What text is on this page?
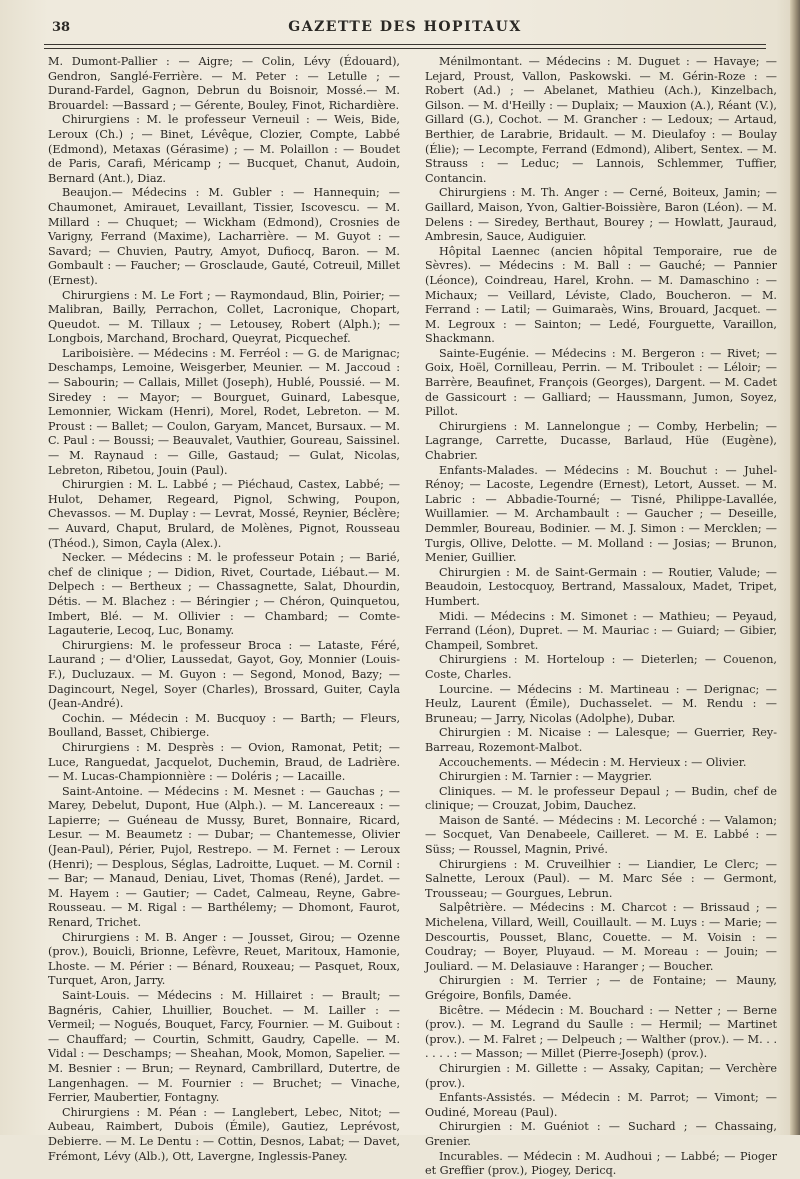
38	GAZETTE DES HOPITAUX

M. Dumont-Pallier : — Aigre; — Colin, Lévy (Édouard), Gendron, Sanglé-Ferrière. — M. Peter : — Letulle ; — Durand-Fardel, Gagnon, Debrun du Boisnoir, Mossé.— M. Brouardel: —Bassard ; — Gérente, Bouley, Finot, Richardière.

Chirurgiens : M. le professeur Verneuil : — Weis, Bide, Leroux (Ch.) ; — Binet, Lévêque, Clozier, Compte, Labbé (Edmond), Metaxas (Gérasime) ; — M. Polaillon : — Boudet de Paris, Carafi, Méricamp ; — Bucquet, Chanut, Audoin, Bernard (Ant.), Diaz.

Beaujon.— Médecins : M. Gubler : — Hannequin; — Chaumonet, Amirauet, Levaillant, Tissier, Iscovescu. — M. Millard : — Chuquet; — Wickham (Edmond), Crosnies de Varigny, Ferrand (Maxime), Lacharrière. — M. Guyot : — Savard; — Chuvien, Pautry, Amyot, Dufiocq, Baron. — M. Gombault : — Faucher; — Grosclaude, Gauté, Cotreuil, Millet (Ernest).

Chirurgiens : M. Le Fort ; — Raymondaud, Blin, Poirier; — Malibran, Bailly, Perrachon, Collet, Lacronique, Chopart, Queudot. — M. Tillaux ; — Letousey, Robert (Alph.); — Longbois, Marchand, Brochard, Queyrat, Picquechef.

Lariboisière. — Médecins : M. Ferréol : — G. de Marignac; Deschamps, Lemoine, Weisgerber, Meunier. — M. Jaccoud : — Sabourin; — Callais, Millet (Joseph), Hublé, Poussié. — M. Siredey : — Mayor; — Bourguet, Guinard, Labesque, Lemonnier, Wickam (Henri), Morel, Rodet, Lebreton. — M. Proust : — Ballet; — Coulon, Garyam, Mancet, Bursaux. — M. C. Paul : — Boussi; — Beauvalet, Vauthier, Goureau, Saissinel. — M. Raynaud : — Gille, Gastaud; — Gulat, Nicolas, Lebreton, Ribetou, Jouin (Paul).

Chirurgien : M. L. Labbé ; — Piéchaud, Castex, Labbé; — Hulot, Dehamer, Regeard, Pignol, Schwing, Poupon, Chevassos. — M. Duplay : — Levrat, Mossé, Reynier, Béclère; — Auvard, Chaput, Brulard, de Molènes, Pignot, Rousseau (Théod.), Simon, Cayla (Alex.).

Necker. — Médecins : M. le professeur Potain ; — Barié, chef de clinique ; — Didion, Rivet, Courtade, Liébaut.— M. Delpech : — Bertheux ; — Chassagnette, Salat, Dhourdin, Détis. — M. Blachez : — Béringier ; — Chéron, Quinquetou, Imbert, Blé. — M. Ollivier : — Chambard; — Comte-Lagauterie, Lecoq, Luc, Bonamy.

Chirurgiens: M. le professeur Broca : — Lataste, Féré, Laurand ; — d'Olier, Laussedat, Gayot, Goy, Monnier (Louis-F.), Ducluzaux. — M. Guyon : — Segond, Monod, Bazy; — Dagincourt, Negel, Soyer (Charles), Brossard, Guiter, Cayla (Jean-André).

Cochin. — Médecin : M. Bucquoy : — Barth; — Fleurs, Boulland, Basset, Chibierge.

Chirurgiens : M. Desprès : — Ovion, Ramonat, Petit; — Luce, Ranguedat, Jacquelot, Duchemin, Braud, de Ladrière. — M. Lucas-Championnière : — Doléris ; — Lacaille.

Saint-Antoine. — Médecins : M. Mesnet : — Gauchas ; — Marey, Debelut, Dupont, Hue (Alph.). — M. Lancereaux : — Lapierre; — Guéneau de Mussy, Buret, Bonnaire, Ricard, Lesur. — M. Beaumetz : — Dubar; — Chantemesse, Olivier (Jean-Paul), Périer, Pujol, Restrepo. — M. Fernet : — Leroux (Henri); — Desplous, Séglas, Ladroitte, Luquet. — M. Cornil : — Bar; — Manaud, Deniau, Livet, Thomas (René), Jardet. — M. Hayem : — Gautier; — Cadet, Calmeau, Reyne, Gabre-Rousseau. — M. Rigal : — Barthélemy; — Dhomont, Faurot, Renard, Trichet.

Chirurgiens : M. B. Anger : — Jousset, Girou; — Ozenne (prov.), Bouicli, Brionne, Lefèvre, Reuet, Maritoux, Hamonie, Lhoste. — M. Périer : — Bénard, Rouxeau; — Pasquet, Roux, Turquet, Aron, Jarry.

Saint-Louis. — Médecins : M. Hillairet : — Brault; — Bagnéris, Cahier, Lhuillier, Bouchet. — M. Lailler : — Vermeil; — Nogués, Bouquet, Farcy, Fournier. — M. Guibout : — Chauffard; — Courtin, Schmitt, Gaudry, Capelle. — M. Vidal : — Deschamps; — Sheahan, Mook, Momon, Sapelier. — M. Besnier : — Brun; — Reynard, Cambrillard, Dutertre, de Langenhagen. — M. Fournier : — Bruchet; — Vinache, Ferrier, Maubertier, Fontagny.

Chirurgiens : M. Péan : — Langlebert, Lebec, Nitot; — Aubeau, Raimbert, Dubois (Émile), Gautiez, Leprévost, Debierre. — M. Le Dentu : — Cottin, Desnos, Labat; — Davet, Frémont, Lévy (Alb.), Ott, Lavergne, Inglessis-Paney.

Ménilmontant. — Médecins : M. Duguet : — Havaye; — Lejard, Proust, Vallon, Paskowski. — M. Gérin-Roze : — Robert (Ad.) ; — Abelanet, Mathieu (Ach.), Kinzelbach, Gilson. — M. d'Heilly : — Duplaix; — Mauxion (A.), Réant (V.), Gillard (G.), Cochot. — M. Grancher : — Ledoux; — Artaud, Berthier, de Larabrie, Bridault. — M. Dieulafoy : — Boulay (Élie); — Lecompte, Ferrand (Edmond), Alibert, Sentex. — M. Strauss : — Leduc; — Lannois, Schlemmer, Tuffier, Contancin.

Chirurgiens : M. Th. Anger : — Cerné, Boiteux, Jamin; — Gaillard, Maison, Yvon, Galtier-Boissière, Baron (Léon). — M. Delens : — Siredey, Berthaut, Bourey ; — Howlatt, Jauraud, Ambresin, Sauce, Audiguier.

Hôpital Laennec (ancien hôpital Temporaire, rue de Sèvres). — Médecins : M. Ball : — Gauché; — Pannier (Léonce), Coindreau, Harel, Krohn. — M. Damaschino : — Michaux; — Veillard, Léviste, Clado, Boucheron. — M. Ferrand : — Latil; — Guimaraès, Wins, Brouard, Jacquet. — M. Legroux : — Sainton; — Ledé, Fourguette, Varaillon, Shackmann.

Sainte-Eugénie. — Médecins : M. Bergeron : — Rivet; — Goix, Hoël, Cornilleau, Perrin. — M. Triboulet : — Léloir; — Barrère, Beaufinet, François (Georges), Dargent. — M. Cadet de Gassicourt : — Galliard; — Haussmann, Jumon, Soyez, Pillot.

Chirurgiens : M. Lannelongue ; — Comby, Herbelin; — Lagrange, Carrette, Ducasse, Barlaud, Hüe (Eugène), Chabrier.

Enfants-Malades. — Médecins : M. Bouchut : — Juhel-Rénoy; — Lacoste, Legendre (Ernest), Letort, Ausset. — M. Labric : — Abbadie-Tourné; — Tisné, Philippe-Lavallée, Wuillamier. — M. Archambault : — Gaucher ; — Deseille, Demmler, Boureau, Bodinier. — M. J. Simon : — Mercklen; — Turgis, Ollive, Delotte. — M. Molland : — Josias; — Brunon, Menier, Guillier.

Chirurgien : M. de Saint-Germain : — Routier, Valude; — Beaudoin, Lestocquoy, Bertrand, Massaloux, Madet, Tripet, Humbert.

Midi. — Médecins : M. Simonet : — Mathieu; — Peyaud, Ferrand (Léon), Dupret. — M. Mauriac : — Guiard; — Gibier, Champeil, Sombret.

Chirurgiens : M. Horteloup : — Dieterlen; — Couenon, Coste, Charles.

Lourcine. — Médecins : M. Martineau : — Derignac; — Heulz, Laurent (Émile), Duchasselet. — M. Rendu : — Bruneau; — Jarry, Nicolas (Adolphe), Dubar.

Chirurgien : M. Nicaise : — Lalesque; — Guerrier, Rey-Barreau, Rozemont-Malbot.

Accouchements. — Médecin : M. Hervieux : — Olivier.

Chirurgien : M. Tarnier : — Maygrier.

Cliniques. — M. le professeur Depaul ; — Budin, chef de clinique; — Crouzat, Jobim, Dauchez.

Maison de Santé. — Médecins : M. Lecorché : — Valamon; — Socquet, Van Denabeele, Cailleret. — M. E. Labbé : — Süss; — Roussel, Magnin, Privé.

Chirurgiens : M. Cruveilhier : — Liandier, Le Clerc; — Salnette, Leroux (Paul). — M. Marc Sée : — Germont, Trousseau; — Gourgues, Lebrun.

Salpêtrière. — Médecins : M. Charcot : — Brissaud ; — Michelena, Villard, Weill, Couillault. — M. Luys : — Marie; — Descourtis, Pousset, Blanc, Couette. — M. Voisin : — Coudray; — Boyer, Pluyaud. — M. Moreau : — Jouin; — Jouliard. — M. Delasiauve : Haranger ; — Boucher.

Chirurgien : M. Terrier ; — de Fontaine; — Mauny, Grégoire, Bonfils, Damée.

Bicêtre. — Médecin : M. Bouchard : — Netter ; — Berne (prov.). — M. Legrand du Saulle : — Hermil; — Martinet (prov.). — M. Falret ; — Delpeuch ; — Walther (prov.). — M. . . . . . . : — Masson; — Millet (Pierre-Joseph) (prov.).

Chirurgien : M. Gillette : — Assaky, Capitan; — Verchère (prov.).

Enfants-Assistés. — Médecin : M. Parrot; — Vimont; — Oudiné, Moreau (Paul).

Chirurgien : M. Guéniot : — Suchard ; — Chassaing, Grenier.

Incurables. — Médecin : M. Audhoui ; — Labbé; — Pioger et Greffier (prov.), Piogey, Dericq.
